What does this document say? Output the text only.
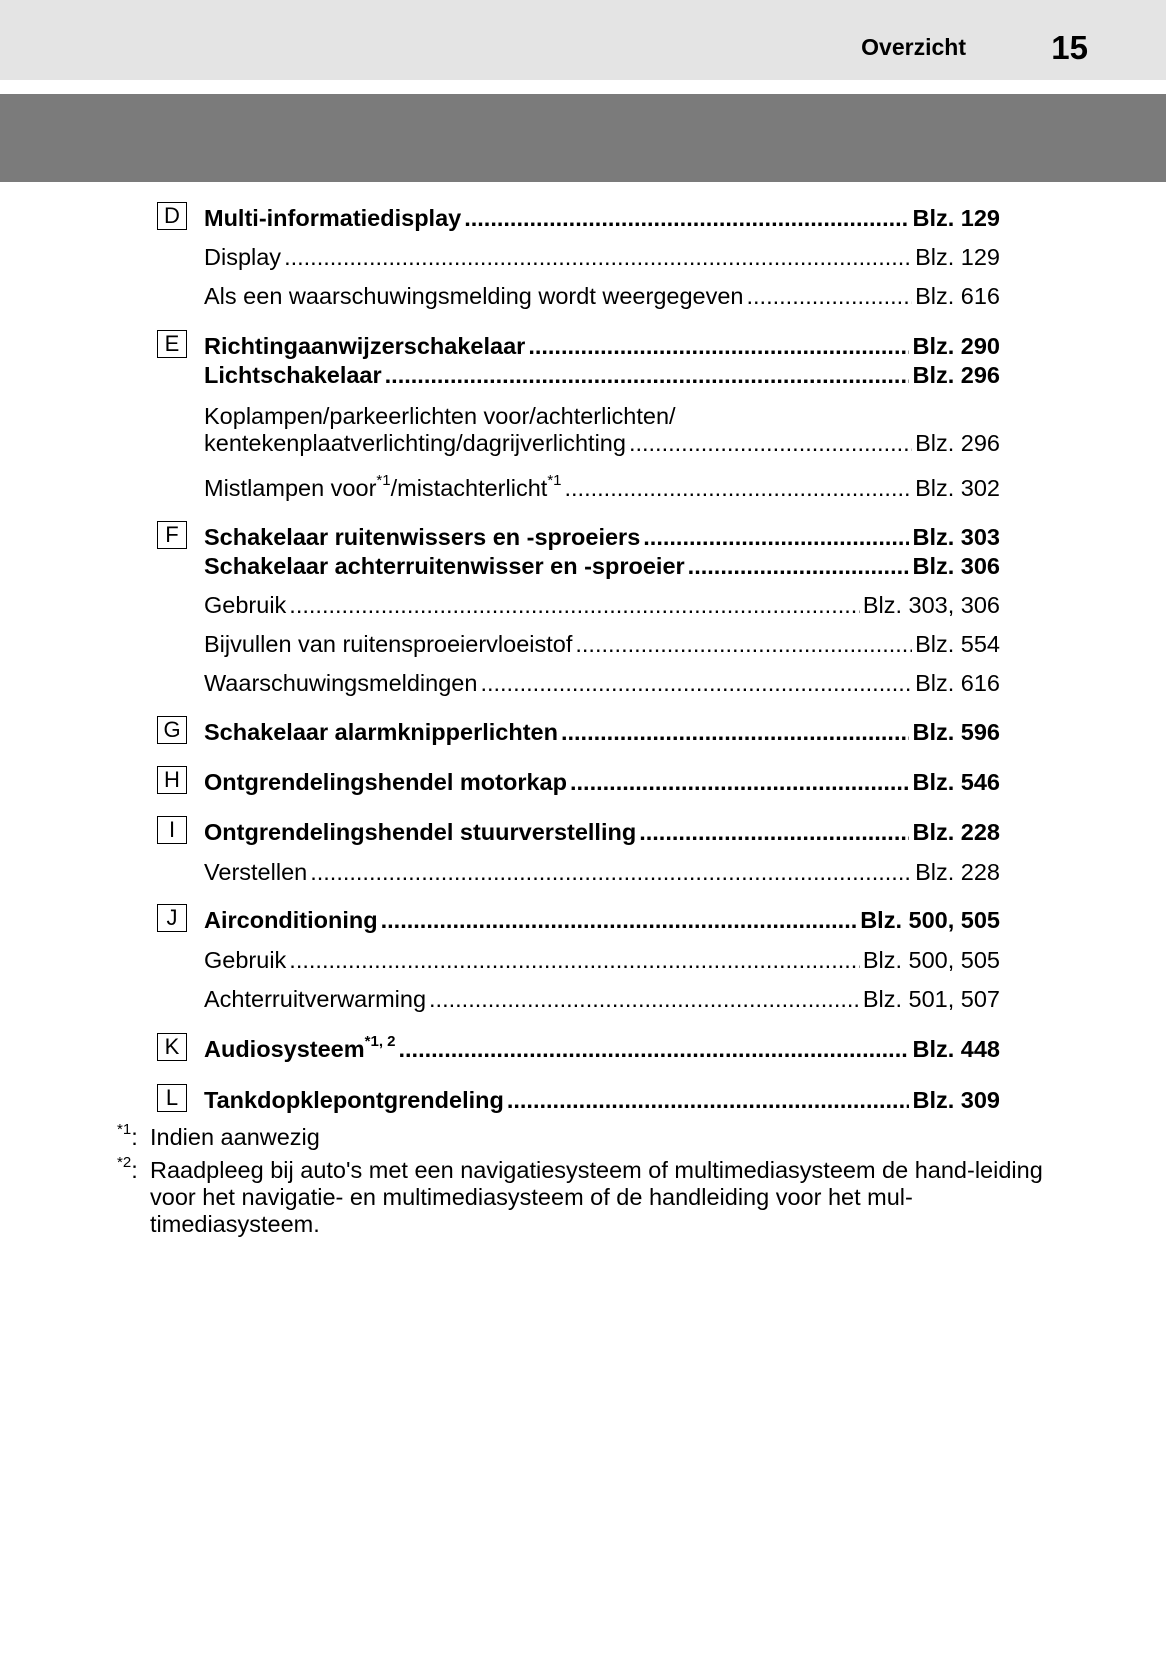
Overzicht	15
D	Multi-informatiedisplay .....	Blz. 129
Display .....	Blz. 129
Als een waarschuwingsmelding wordt weergegeven .....	Blz. 616
E	Richtingaanwijzerschakelaar .....	Blz. 290
Lichtschakelaar .....	Blz. 296
Koplampen/parkeerlichten voor/achterlichten/
kentekenplaatverlichting/dagrijverlichting .....	Blz. 296
Mistlampen voor$^{*1}$/mistachterlicht$^{*1}$ .....	Blz. 302
F	Schakelaar ruitenwissers en -sproeiers .....	Blz. 303
Schakelaar achterruitenwisser en -sproeier .....	Blz. 306
Gebruik .....	Blz. 303, 306
Bijvullen van ruitensproeiervloeistof .....	Blz. 554
Waarschuwingsmeldingen .....	Blz. 616
G Schakelaar alarmknipperlichten .....	Blz. 596
H	Ontgrendelingshendel motorkap .....	Blz. 546
I	Ontgrendelingshendel stuurverstelling .....	Blz. 228
Verstellen .....	Blz. 228
J	Airconditioning .....	Blz. 500, 505
Gebruik .....	Blz. 500, 505
Achterruitverwarming .....	Blz. 501, 507
K	Audiosysteem$^{*1, 2}$ .....	Blz. 448
L	Tankdopklepontgrendeling .....	Blz. 309
$^{*1}$: Indien aanwezig
$^{*2}$: Raadpleeg bij auto's met een navigatiesysteem of multimediasysteem de hand-leiding voor het navigatie- en multimediasysteem of de handleiding voor het mul-timediasysteem.
